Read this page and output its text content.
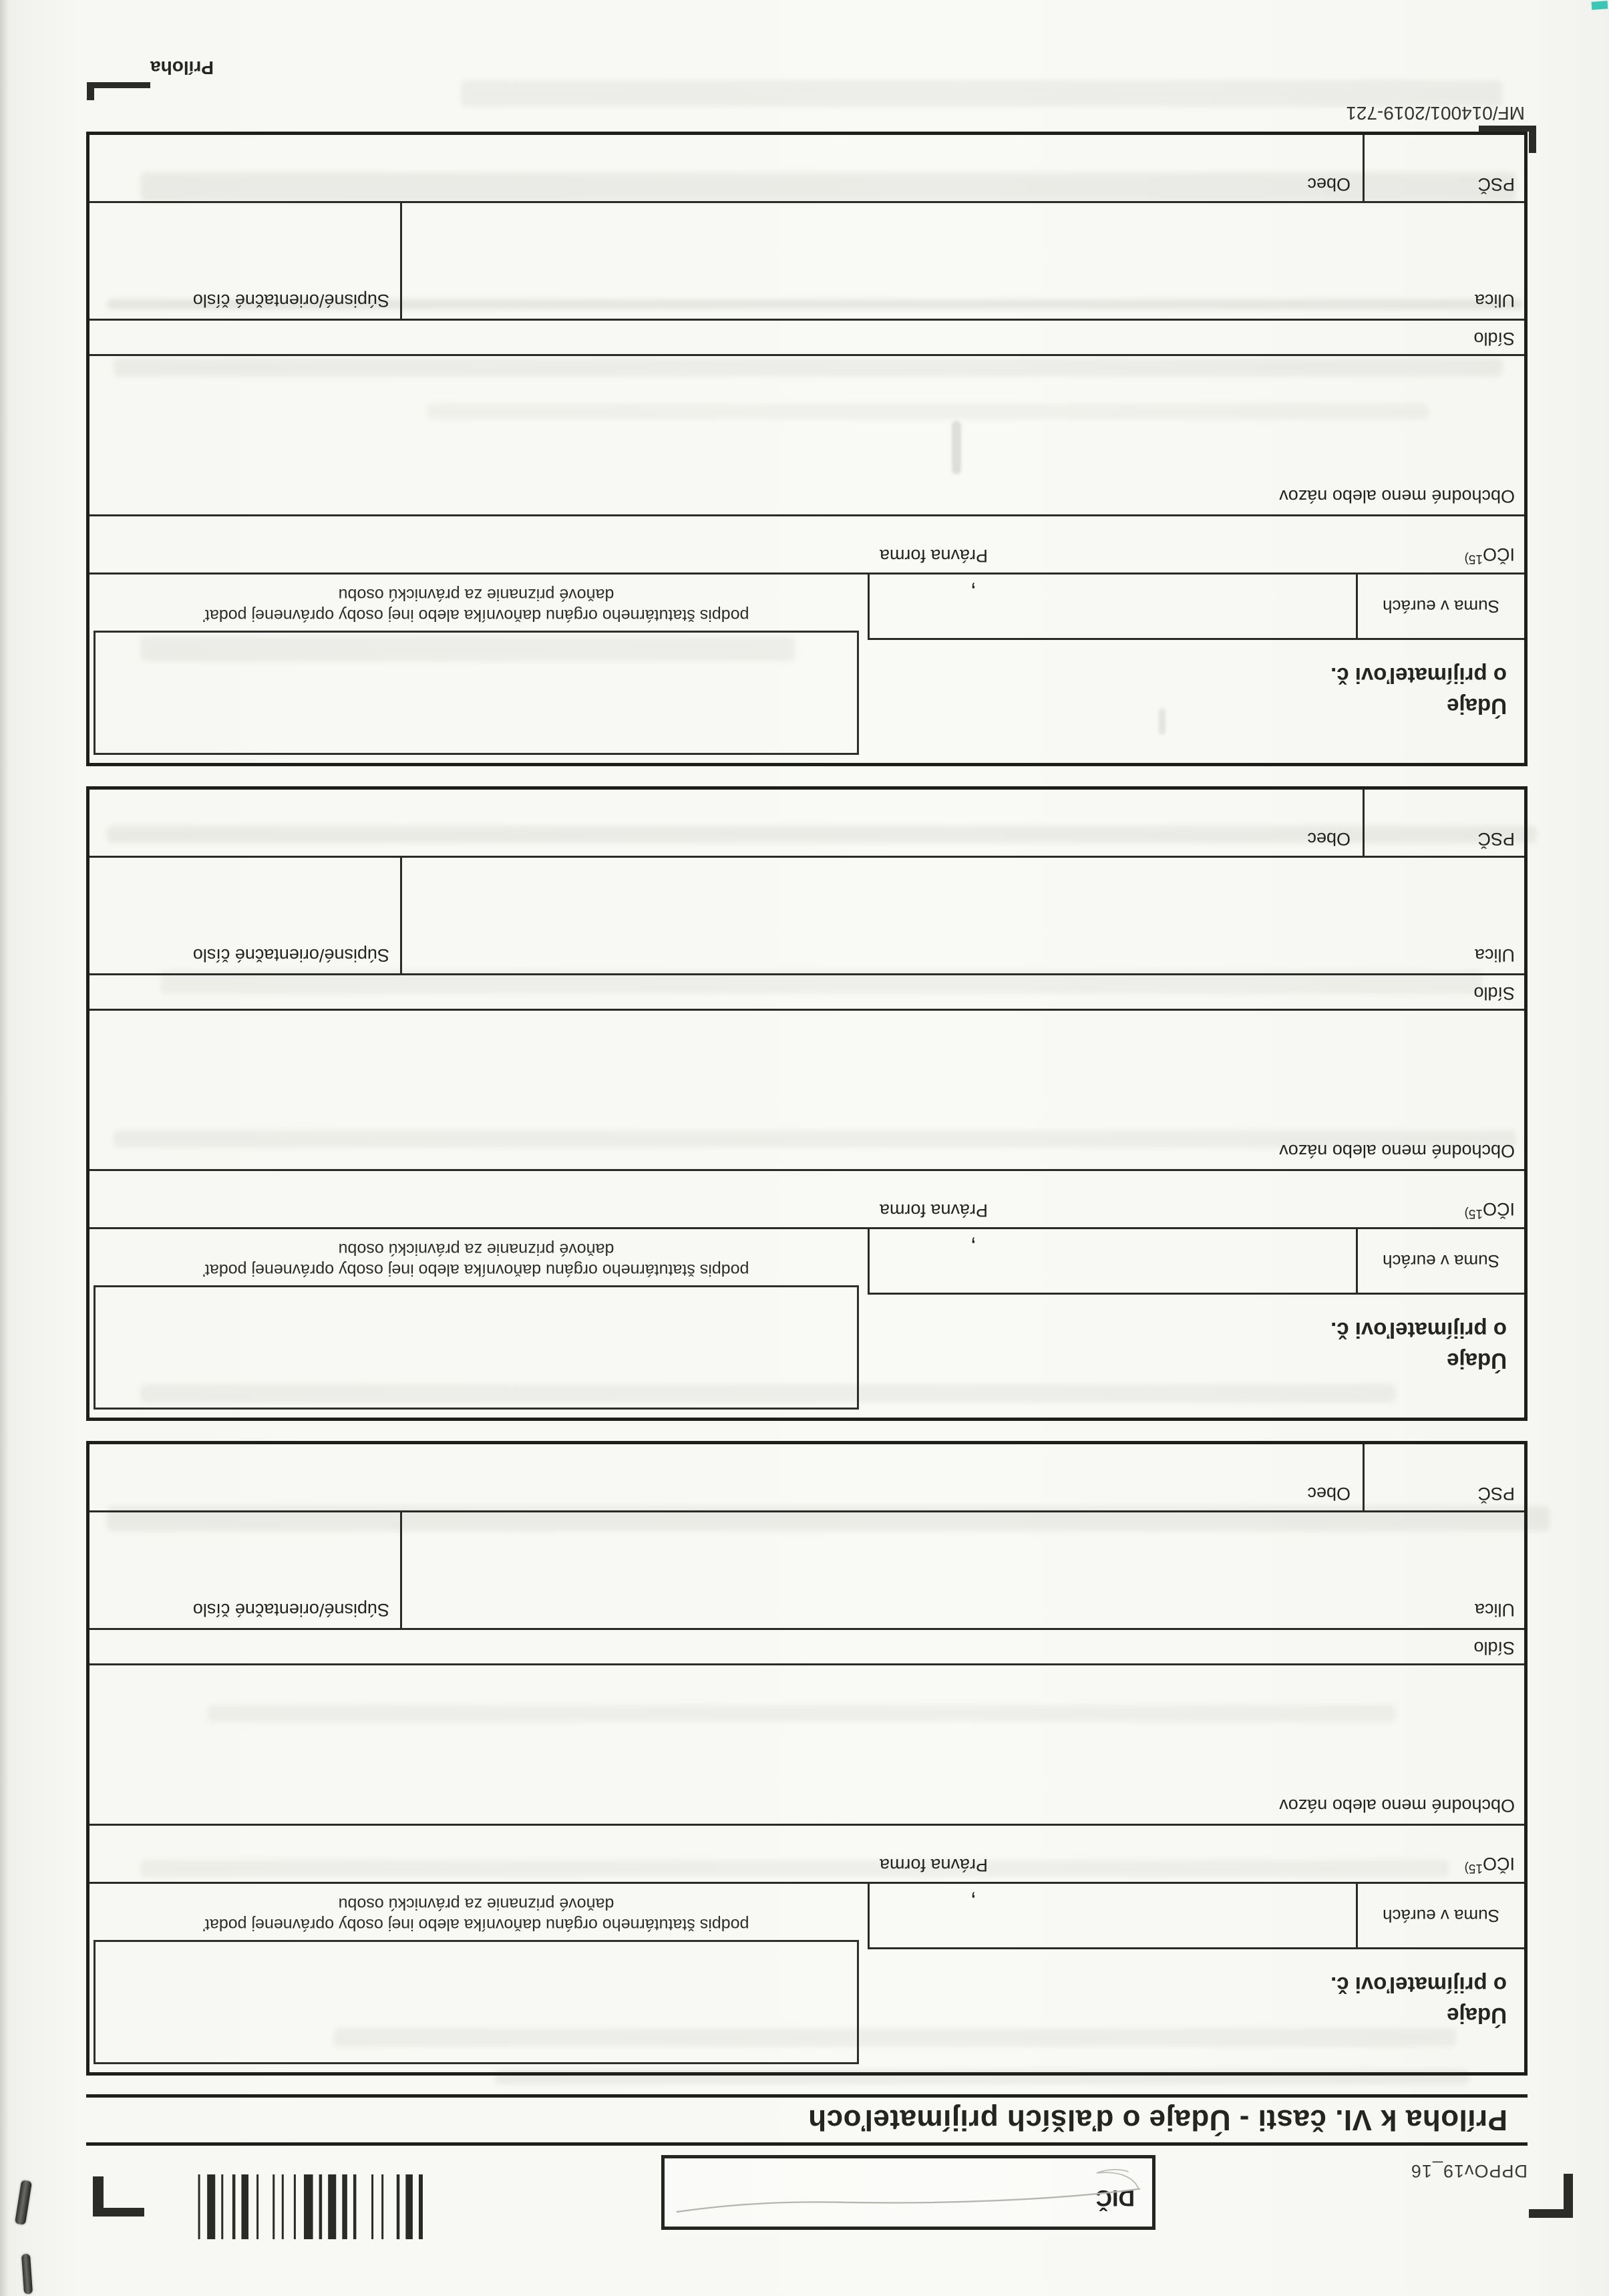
DPPOv19_16
DIČ
Príloha k VI. časti - Údaje o ďalších prijímateľoch
Údaje
o prijímateľovi č.
podpis štatutárneho orgánu daňovníka alebo inej osoby oprávnenej podať
daňové priznanie za právnickú osobu
Suma v eurách
,
IČO$^{15)}$
Právna forma
Obchodné meno alebo názov
Sídlo
Ulica
Súpisné/orientačné číslo
PSČ
Obec
Údaje
o prijímateľovi č.
podpis štatutárneho orgánu daňovníka alebo inej osoby oprávnenej podať
daňové priznanie za právnickú osobu
Suma v eurách
,
IČO$^{15)}$
Právna forma
Obchodné meno alebo názov
Sídlo
Ulica
Súpisné/orientačné číslo
PSČ
Obec
Údaje
o prijímateľovi č.
podpis štatutárneho orgánu daňovníka alebo inej osoby oprávnenej podať
daňové priznanie za právnickú osobu
Suma v eurách
,
IČO$^{15)}$
Právna forma
Obchodné meno alebo názov
Sídlo
Ulica
Súpisné/orientačné číslo
PSČ
Obec
MF/014001/2019-721
Príloha
